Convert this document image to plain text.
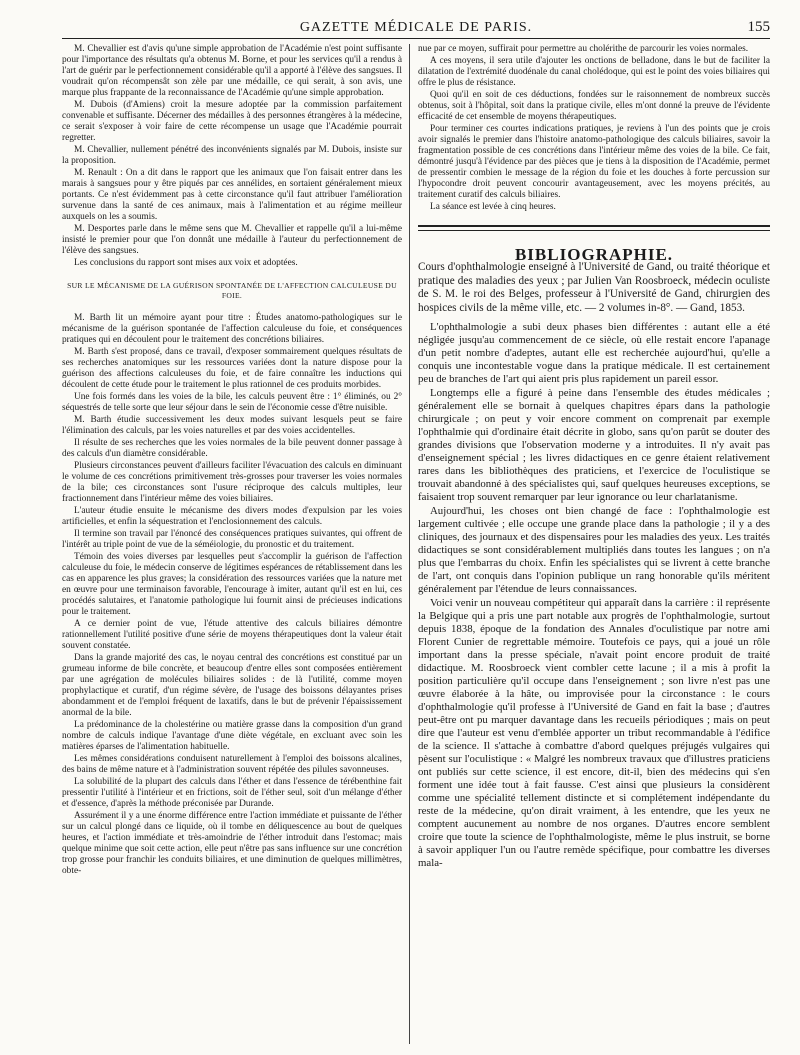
GAZETTE MÉDICALE DE PARIS.	155

M. Chevallier est d'avis qu'une simple approbation de l'Académie n'est point suffisante pour l'importance des résultats qu'a obtenus M. Borne, et pour les services qu'il a rendus à l'art de guérir par le perfectionnement considérable qu'il a apporté à l'élève des sangsues. Il voudrait qu'on récompensât son zèle par une médaille, ce qui serait, à son avis, une marque plus frappante de la reconnaissance de l'Académie qu'une simple approbation.

M. Dubois (d'Amiens) croit la mesure adoptée par la commission parfaitement convenable et suffisante. Décerner des médailles à des personnes étrangères à la médecine, ce serait s'exposer à voir faire de cette récompense un usage que l'Académie pourrait regretter.

M. Chevallier, nullement pénétré des inconvénients signalés par M. Dubois, insiste sur la proposition.

M. Renault : On a dit dans le rapport que les animaux que l'on faisait entrer dans les marais à sangsues pour y être piqués par ces annélides, en sortaient généralement mieux portants. Ce n'est évidemment pas à cette circonstance qu'il faut attribuer l'amélioration survenue dans la santé de ces animaux, mais à l'alimentation et au régime meilleur auxquels on les a soumis.

M. Desportes parle dans le même sens que M. Chevallier et rappelle qu'il a lui-même insisté le premier pour que l'on donnât une médaille à l'auteur du perfectionnement de l'élève des sangsues.

Les conclusions du rapport sont mises aux voix et adoptées.

SUR LE MÉCANISME DE LA GUÉRISON SPONTANÉE DE L'AFFECTION CALCULEUSE DU FOIE.

M. Barth lit un mémoire ayant pour titre : Études anatomo-pathologiques sur le mécanisme de la guérison spontanée de l'affection calculeuse du foie, et conséquences pratiques qui en découlent pour le traitement des concrétions biliaires.

M. Barth s'est proposé, dans ce travail, d'exposer sommairement quelques résultats de ses recherches anatomiques sur les ressources variées dont la nature dispose pour la guérison des affections calculeuses du foie, et de faire connaître les inductions qui découlent de cette étude pour le traitement le plus rationnel de ces produits morbides.

Une fois formés dans les voies de la bile, les calculs peuvent être : 1° éliminés, ou 2° séquestrés de telle sorte que leur séjour dans le sein de l'économie cesse d'être nuisible.

M. Barth étudie successivement les deux modes suivant lesquels peut se faire l'élimination des calculs, par les voies naturelles et par des voies accidentelles.

Il résulte de ses recherches que les voies normales de la bile peuvent donner passage à des calculs d'un diamètre considérable.

Plusieurs circonstances peuvent d'ailleurs faciliter l'évacuation des calculs en diminuant le volume de ces concrétions primitivement très-grosses pour traverser les voies normales de la bile; ces circonstances sont l'usure réciproque des calculs multiples, leur fractionnement dans l'intérieur même des voies biliaires.

L'auteur étudie ensuite le mécanisme des divers modes d'expulsion par les voies artificielles, et enfin la séquestration et l'enclosionnement des calculs.

Il termine son travail par l'énoncé des conséquences pratiques suivantes, qui offrent de l'intérêt au triple point de vue de la séméiologie, du pronostic et du traitement.

Témoin des voies diverses par lesquelles peut s'accomplir la guérison de l'affection calculeuse du foie, le médecin conserve de légitimes espérances de rétablissement dans les cas en apparence les plus graves; la considération des ressources variées que la nature met en œuvre pour une terminaison favorable, l'encourage à imiter, autant qu'il est en lui, ces procédés salutaires, et l'anatomie pathologique lui fournit ainsi de précieuses indications pour le traitement.

A ce dernier point de vue, l'étude attentive des calculs biliaires démontre rationnellement l'utilité positive d'une série de moyens thérapeutiques dont la valeur était souvent constatée.

Dans la grande majorité des cas, le noyau central des concrétions est constitué par un grumeau informe de bile concrète, et beaucoup d'entre elles sont composées entièrement par une agrégation de molécules biliaires solides : de là l'utilité, comme moyen prophylactique et curatif, d'un régime sévère, de l'usage des boissons délayantes prises abondamment et de l'emploi fréquent de laxatifs, dans le but de prévenir l'épaississement anormal de la bile.

La prédominance de la cholestérine ou matière grasse dans la composition d'un grand nombre de calculs indique l'avantage d'une diète végétale, en excluant avec soin les matières éparses de l'alimentation habituelle.

Les mêmes considérations conduisent naturellement à l'emploi des boissons alcalines, des bains de même nature et à l'administration souvent répétée des pilules savonneuses.

La solubilité de la plupart des calculs dans l'éther et dans l'essence de térébenthine fait pressentir l'utilité à l'intérieur et en frictions, soit de l'éther seul, soit d'un mélange d'éther et d'essence, d'après la méthode préconisée par Durande.

Assurément il y a une énorme différence entre l'action immédiate et puissante de l'éther sur un calcul plongé dans ce liquide, où il tombe en déliquescence au bout de quelques heures, et l'action immédiate et très-amoindrie de l'éther introduit dans l'estomac; mais quelque minime que soit cette action, elle peut n'être pas sans influence sur une concrétion trop grosse pour franchir les conduits biliaires, et une diminution de quelques millimètres, obte-

nue par ce moyen, suffirait pour permettre au cholérithe de parcourir les voies normales.

A ces moyens, il sera utile d'ajouter les onctions de belladone, dans le but de faciliter la dilatation de l'extrémité duodénale du canal cholédoque, qui est le point des voies biliaires qui offre le plus de résistance.

Quoi qu'il en soit de ces déductions, fondées sur le raisonnement de nombreux succès obtenus, soit à l'hôpital, soit dans la pratique civile, elles m'ont donné la preuve de l'évidente efficacité de cet ensemble de moyens thérapeutiques.

Pour terminer ces courtes indications pratiques, je reviens à l'un des points que je crois avoir signalés le premier dans l'histoire anatomo-pathologique des calculs biliaires, savoir la fragmentation possible de ces concrétions dans l'intérieur même des voies de la bile. Ce fait, démontré jusqu'à l'évidence par des pièces que je tiens à la disposition de l'Académie, permet de pressentir combien le message de la région du foie et les douches à forte percussion sur l'hypocondre droit peuvent concourir avantageusement, avec les moyens précités, au traitement curatif des calculs biliaires.

La séance est levée à cinq heures.

BIBLIOGRAPHIE.

Cours d'ophthalmologie enseigné à l'Université de Gand, ou traité théorique et pratique des maladies des yeux ; par Julien Van Roosbroeck, médecin oculiste de S. M. le roi des Belges, professeur à l'Université de Gand, chirurgien des hospices civils de la même ville, etc. — 2 volumes in-8°. — Gand, 1853.

L'ophthalmologie a subi deux phases bien différentes : autant elle a été négligée jusqu'au commencement de ce siècle, où elle restait encore l'apanage d'un petit nombre d'adeptes, autant elle est recherchée aujourd'hui, qu'elle a conquis une incontestable vogue dans la pratique médicale. Il est certainement peu de branches de l'art qui aient pris plus rapidement un pareil essor.

Longtemps elle a figuré à peine dans l'ensemble des études médicales ; généralement elle se bornait à quelques chapitres épars dans la pathologie chirurgicale ; on peut y voir encore comment on comprenait par exemple l'ophthalmie qui d'ordinaire était décrite in globo, sans qu'on parût se douter des grandes divisions que l'observation moderne y a introduites. Il n'y avait pas d'enseignement spécial ; les livres didactiques en ce genre étaient relativement rares dans les bibliothèques des praticiens, et l'exercice de l'oculistique se trouvait abandonné à des spécialistes qui, sauf quelques heureuses exceptions, se faisaient trop souvent remarquer par leur ignorance ou leur charlatanisme.

Aujourd'hui, les choses ont bien changé de face : l'ophthalmologie est largement cultivée ; elle occupe une grande place dans la pathologie ; il y a des cliniques, des journaux et des dispensaires pour les maladies des yeux. Les traités didactiques se sont considérablement multipliés dans toutes les langues ; on n'a plus que l'embarras du choix. Enfin les spécialistes qui se livrent à cette branche de l'art, ont conquis dans l'opinion publique un rang honorable qu'ils méritent généralement par l'étendue de leurs connaissances.

Voici venir un nouveau compétiteur qui apparaît dans la carrière : il représente la Belgique qui a pris une part notable aux progrès de l'ophthalmologie, surtout depuis 1838, époque de la fondation des Annales d'oculistique par notre ami Florent Cunier de regrettable mémoire. Toutefois ce pays, qui a joué un rôle important dans la presse spéciale, n'avait point encore produit de traité didactique. M. Roosbroeck vient combler cette lacune ; il a mis à profit la position particulière qu'il occupe dans l'enseignement ; son livre n'est pas une œuvre élaborée à la hâte, ou improvisée pour la circonstance : le cours d'ophthalmologie qu'il professe à l'Université de Gand en fait la base ; d'autres peut-être ont pu marquer davantage dans les recueils périodiques ; mais on peut dire que l'auteur est venu d'emblée apporter un tribut recommandable à l'édifice de la science. Il s'attache à combattre d'abord quelques préjugés vulgaires qui pèsent sur l'oculistique : « Malgré les nombreux travaux que d'illustres praticiens ont publiés sur cette science, il est encore, dit-il, bien des médecins qui s'en forment une idée tout à fait fausse. C'est ainsi que plusieurs la considèrent comme une spécialité tellement distincte et si complétement indépendante du reste de la médecine, qu'on dirait vraiment, à les entendre, que les yeux ne comptent aucunement au nombre de nos organes. D'autres encore semblent croire que toute la science de l'ophthalmologiste, même le plus instruit, se borne à savoir appliquer l'un ou l'autre remède spécifique, pour combattre les diverses mala-
